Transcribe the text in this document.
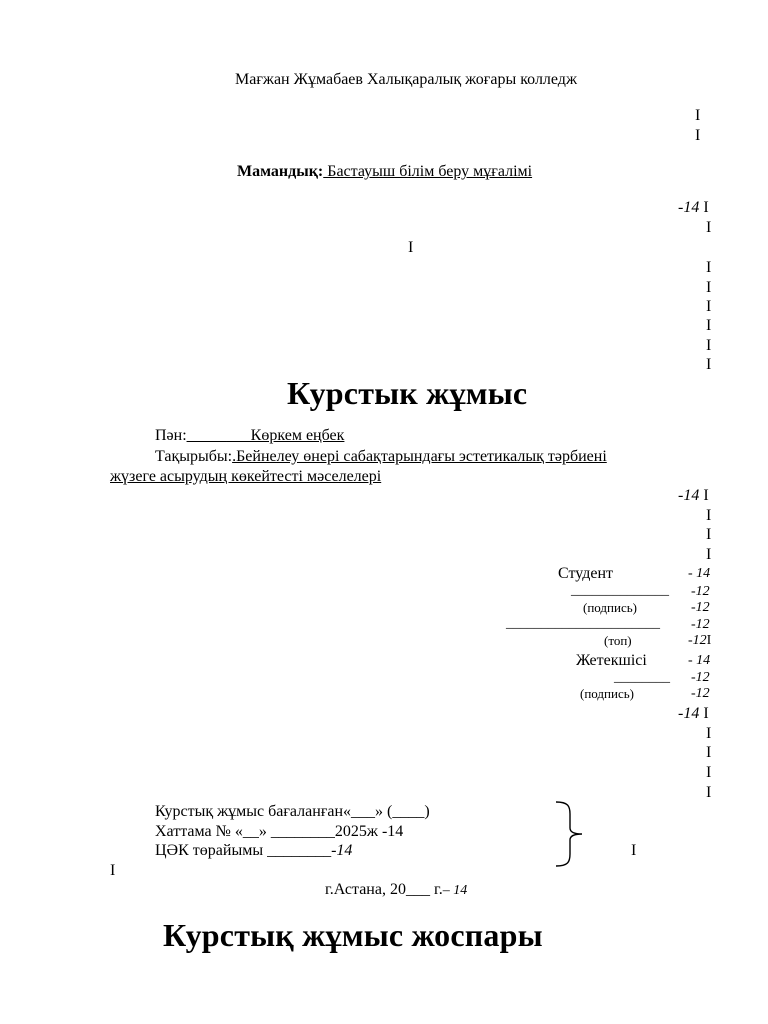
Мағжан Жұмабаев Халықаралық жоғары колледж
I
I
Мамандық: Бастауыш білім беру мұғалімі
-14 I
I
I
I
I
I
I
I
I
Курстык жұмыс
Пән:________Көркем еңбек
Тақырыбы:.Бейнелеу өнері сабақтарындағы эстетикалық тәрбиені
жүзеге асырудың көкейтесті мәселелері
-14 I
I
I
I
Студент	- 14
______________ -12
(подпись)	-12
______________________ -12
(топ)	-12I
Жетекшісі	- 14
________ -12
(подпись)	-12
-14 I
I
I
I
I
Курстық жұмыс бағаланған«___» (____)
Хаттама № «__» ________2025ж -14
ЦӘК төрайымы ________-14	I
I
г.Астана, 20___ г.– 14
Курстық жұмыс жоспары
